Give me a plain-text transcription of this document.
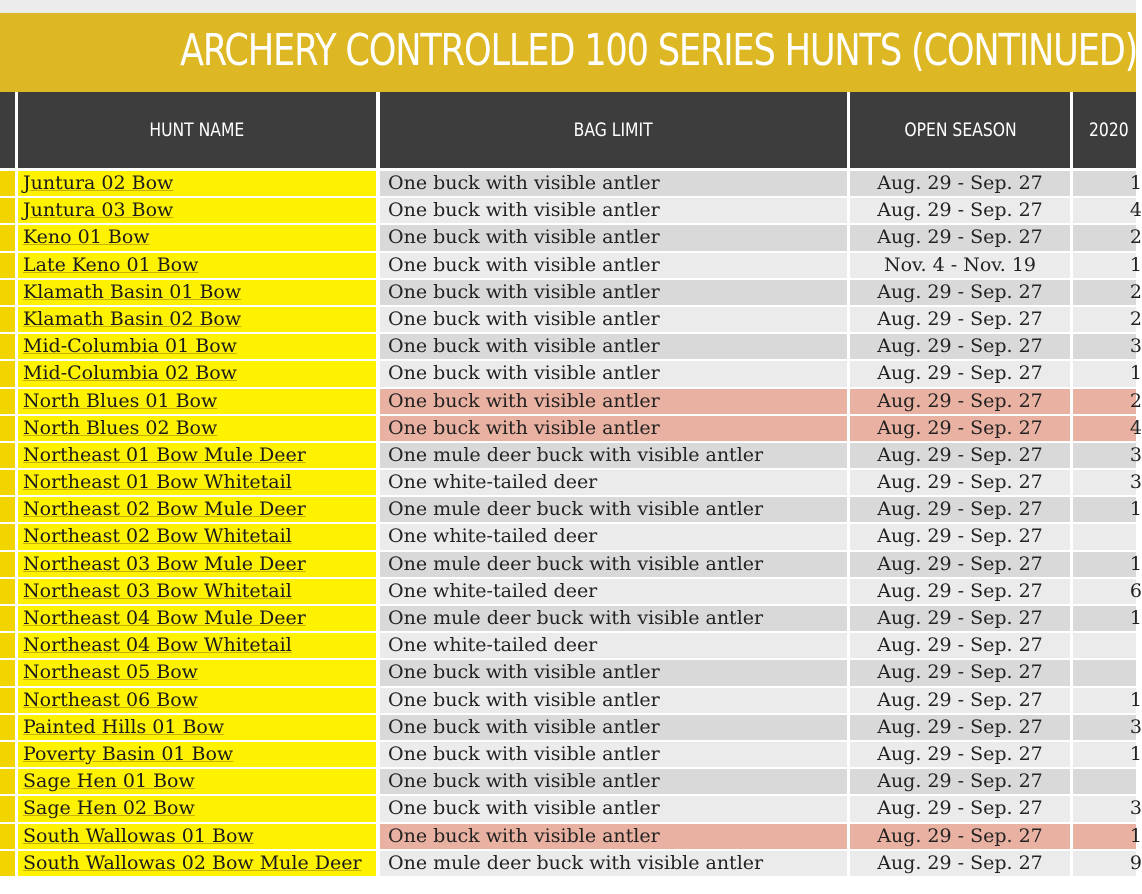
ARCHERY CONTROLLED 100 SERIES HUNTS (CONTINUED)
HUNT NAME	BAG LIMIT	OPEN SEASON	2020
Juntura 02 Bow	One buck with visible antler	Aug. 29 - Sep. 27	1
Juntura 03 Bow	One buck with visible antler	Aug. 29 - Sep. 27	4
Keno 01 Bow	One buck with visible antler	Aug. 29 - Sep. 27	2
Late Keno 01 Bow	One buck with visible antler	Nov. 4 - Nov. 19	1
Klamath Basin 01 Bow	One buck with visible antler	Aug. 29 - Sep. 27	2
Klamath Basin 02 Bow	One buck with visible antler	Aug. 29 - Sep. 27	2
Mid-Columbia 01 Bow	One buck with visible antler	Aug. 29 - Sep. 27	3
Mid-Columbia 02 Bow	One buck with visible antler	Aug. 29 - Sep. 27	1
North Blues 01 Bow	One buck with visible antler	Aug. 29 - Sep. 27	2
North Blues 02 Bow	One buck with visible antler	Aug. 29 - Sep. 27	4
Northeast 01 Bow Mule Deer	One mule deer buck with visible antler	Aug. 29 - Sep. 27	3
Northeast 01 Bow Whitetail	One white-tailed deer	Aug. 29 - Sep. 27	3
Northeast 02 Bow Mule Deer	One mule deer buck with visible antler	Aug. 29 - Sep. 27	1
Northeast 02 Bow Whitetail	One white-tailed deer	Aug. 29 - Sep. 27
Northeast 03 Bow Mule Deer	One mule deer buck with visible antler	Aug. 29 - Sep. 27	1
Northeast 03 Bow Whitetail	One white-tailed deer	Aug. 29 - Sep. 27	6
Northeast 04 Bow Mule Deer	One mule deer buck with visible antler	Aug. 29 - Sep. 27	1
Northeast 04 Bow Whitetail	One white-tailed deer	Aug. 29 - Sep. 27
Northeast 05 Bow	One buck with visible antler	Aug. 29 - Sep. 27
Northeast 06 Bow	One buck with visible antler	Aug. 29 - Sep. 27	1
Painted Hills 01 Bow	One buck with visible antler	Aug. 29 - Sep. 27	3
Poverty Basin 01 Bow	One buck with visible antler	Aug. 29 - Sep. 27	1
Sage Hen 01 Bow	One buck with visible antler	Aug. 29 - Sep. 27
Sage Hen 02 Bow	One buck with visible antler	Aug. 29 - Sep. 27	3
South Wallowas 01 Bow	One buck with visible antler	Aug. 29 - Sep. 27	1
South Wallowas 02 Bow Mule Deer	One mule deer buck with visible antler	Aug. 29 - Sep. 27	9
